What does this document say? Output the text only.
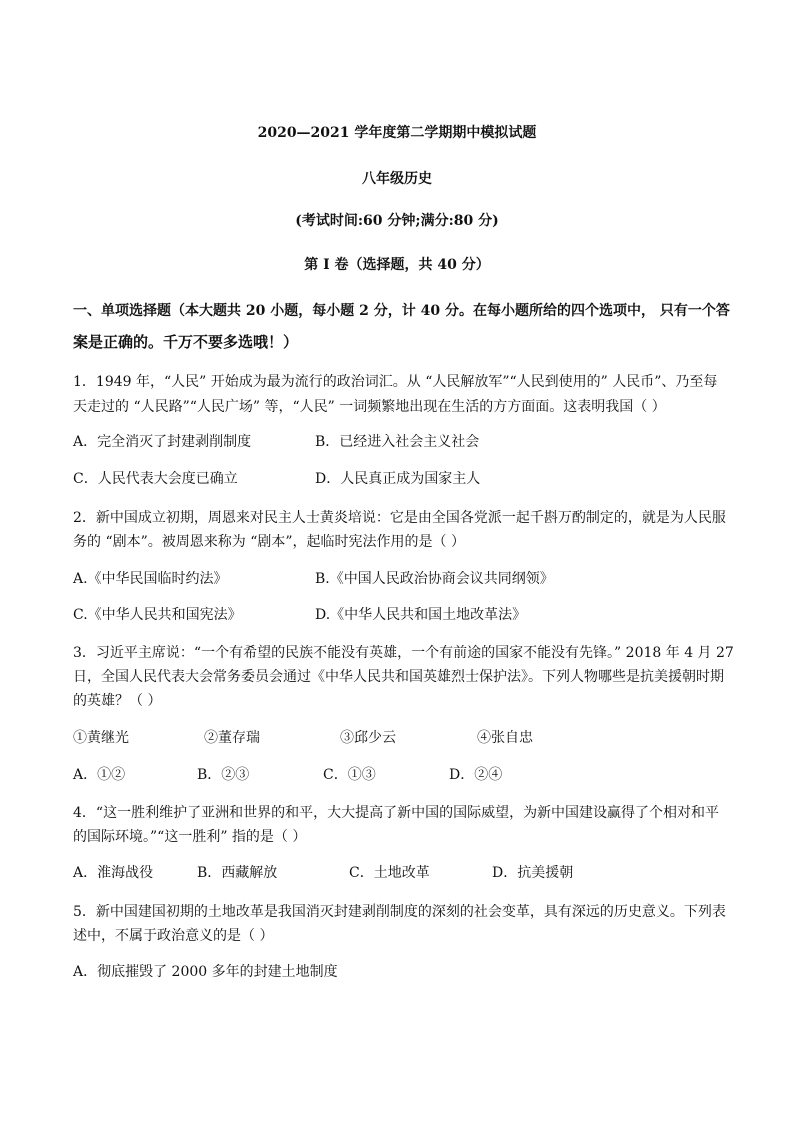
2020—2021 学年度第二学期期中模拟试题
八年级历史
(考试时间:60 分钟;满分:80 分)
第 I 卷（选择题，共 40 分）
一、单项选择题（本大题共 20 小题，每小题 2 分，计 40 分。在每小题所给的四个选项中， 只有一个答
案是正确的。千万不要多选哦！）
1．1949 年，“人民” 开始成为最为流行的政治词汇。从 “人民解放军”“人民到使用的” 人民币”、乃至每
天走过的 “人民路”“人民广场” 等，“人民” 一词频繁地出现在生活的方方面面。这表明我国（ ）
A．完全消灭了封建剥削制度	B．已经进入社会主义社会
C．人民代表大会度已确立	D．人民真正成为国家主人
2．新中国成立初期，周恩来对民主人士黄炎培说：它是由全国各党派一起千斟万酌制定的，就是为人民服
务的 “剧本”。被周恩来称为 “剧本”，起临时宪法作用的是（ ）
A.《中华民国临时约法》	B.《中国人民政治协商会议共同纲领》
C.《中华人民共和国宪法》	D.《中华人民共和国土地改革法》
3．习近平主席说：“一个有希望的民族不能没有英雄，一个有前途的国家不能没有先锋。” 2018 年 4 月 27
日，全国人民代表大会常务委员会通过《中华人民共和国英雄烈士保护法》。下列人物哪些是抗美援朝时期
的英雄？（ ）
①黄继光	②董存瑞	③邱少云	④张自忠
A．①②	B．②③	C．①③	D．②④
4．“这一胜利维护了亚洲和世界的和平，大大提高了新中国的国际威望，为新中国建设赢得了个相对和平
的国际环境。”“这一胜利” 指的是（ ）
A．淮海战役	B．西藏解放	C．土地改革	D．抗美援朝
5．新中国建国初期的土地改革是我国消灭封建剥削制度的深刻的社会变革，具有深远的历史意义。下列表
述中，不属于政治意义的是（ ）
A．彻底摧毁了 2000 多年的封建土地制度
